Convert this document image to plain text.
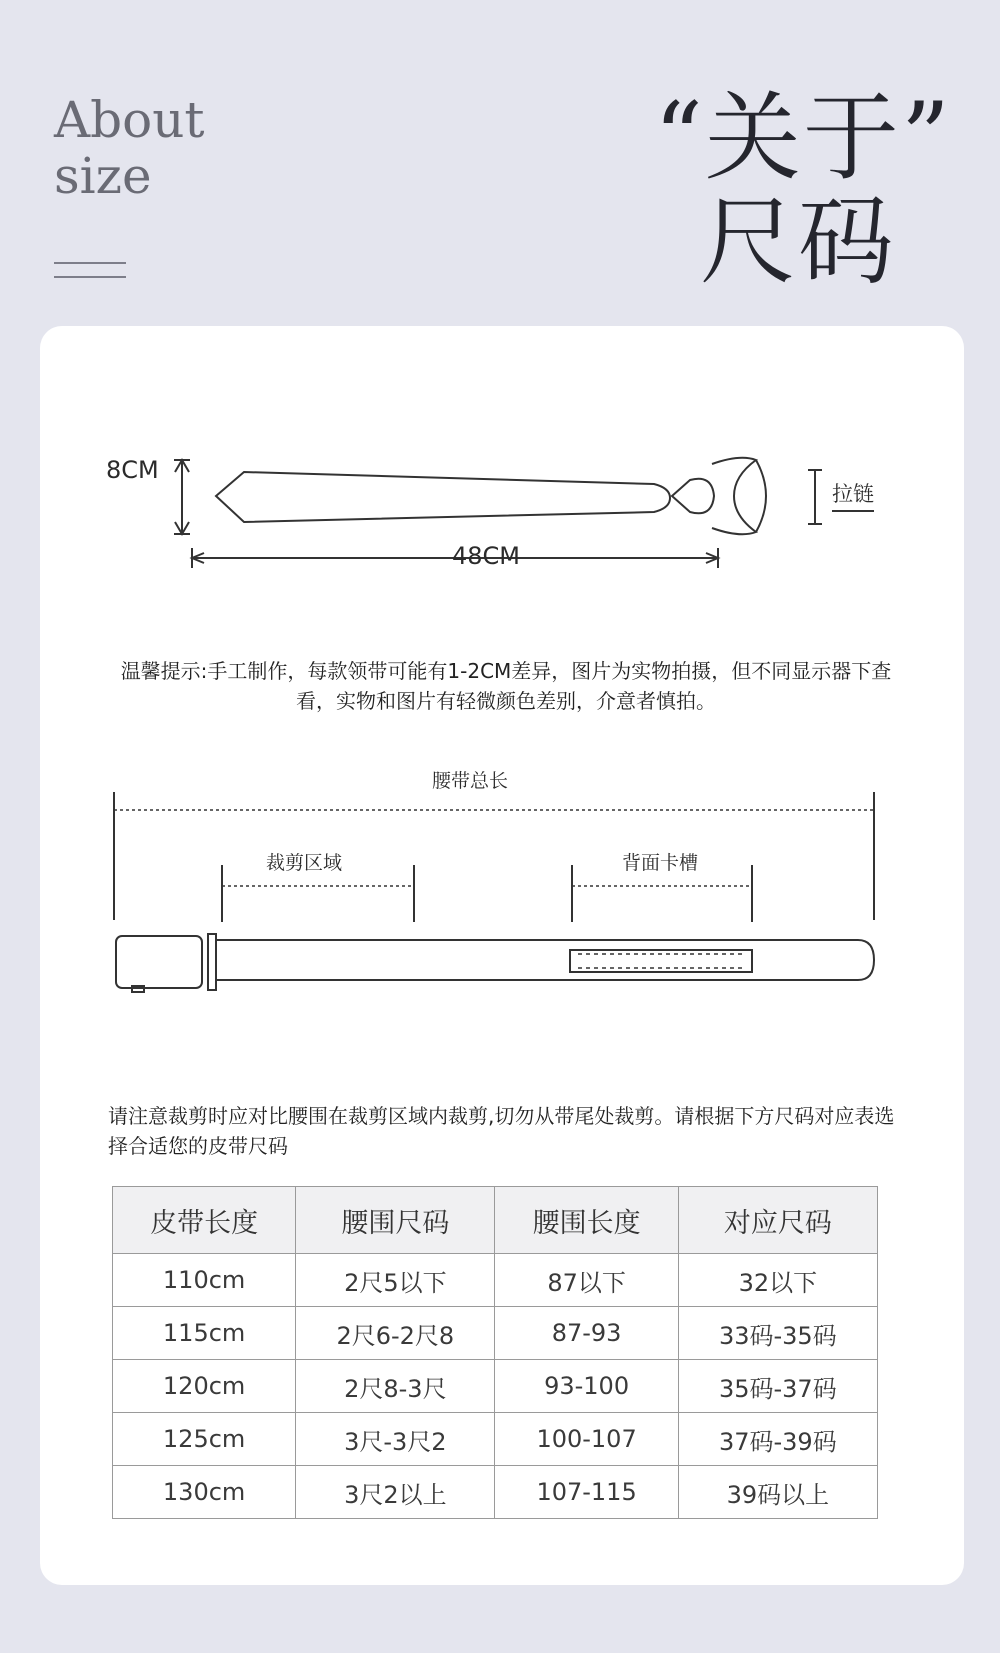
About
size	“关于”
尺码
8CM
48CM
拉链
温馨提示:手工制作，每款领带可能有1-2CM差异，图片为实物拍摄，但不同显示器下查看，实物和图片有轻微颜色差别，介意者慎拍。
腰带总长
裁剪区域	背面卡槽
请注意裁剪时应对比腰围在裁剪区域内裁剪,切勿从带尾处裁剪。请根据下方尺码对应表选择合适您的皮带尺码
皮带长度	腰围尺码	腰围长度	对应尺码
110cm	2尺5以下	87以下	32以下
115cm	2尺6-2尺8	87-93	33码-35码
120cm	2尺8-3尺	93-100	35码-37码
125cm	3尺-3尺2	100-107	37码-39码
130cm	3尺2以上	107-115	39码以上
